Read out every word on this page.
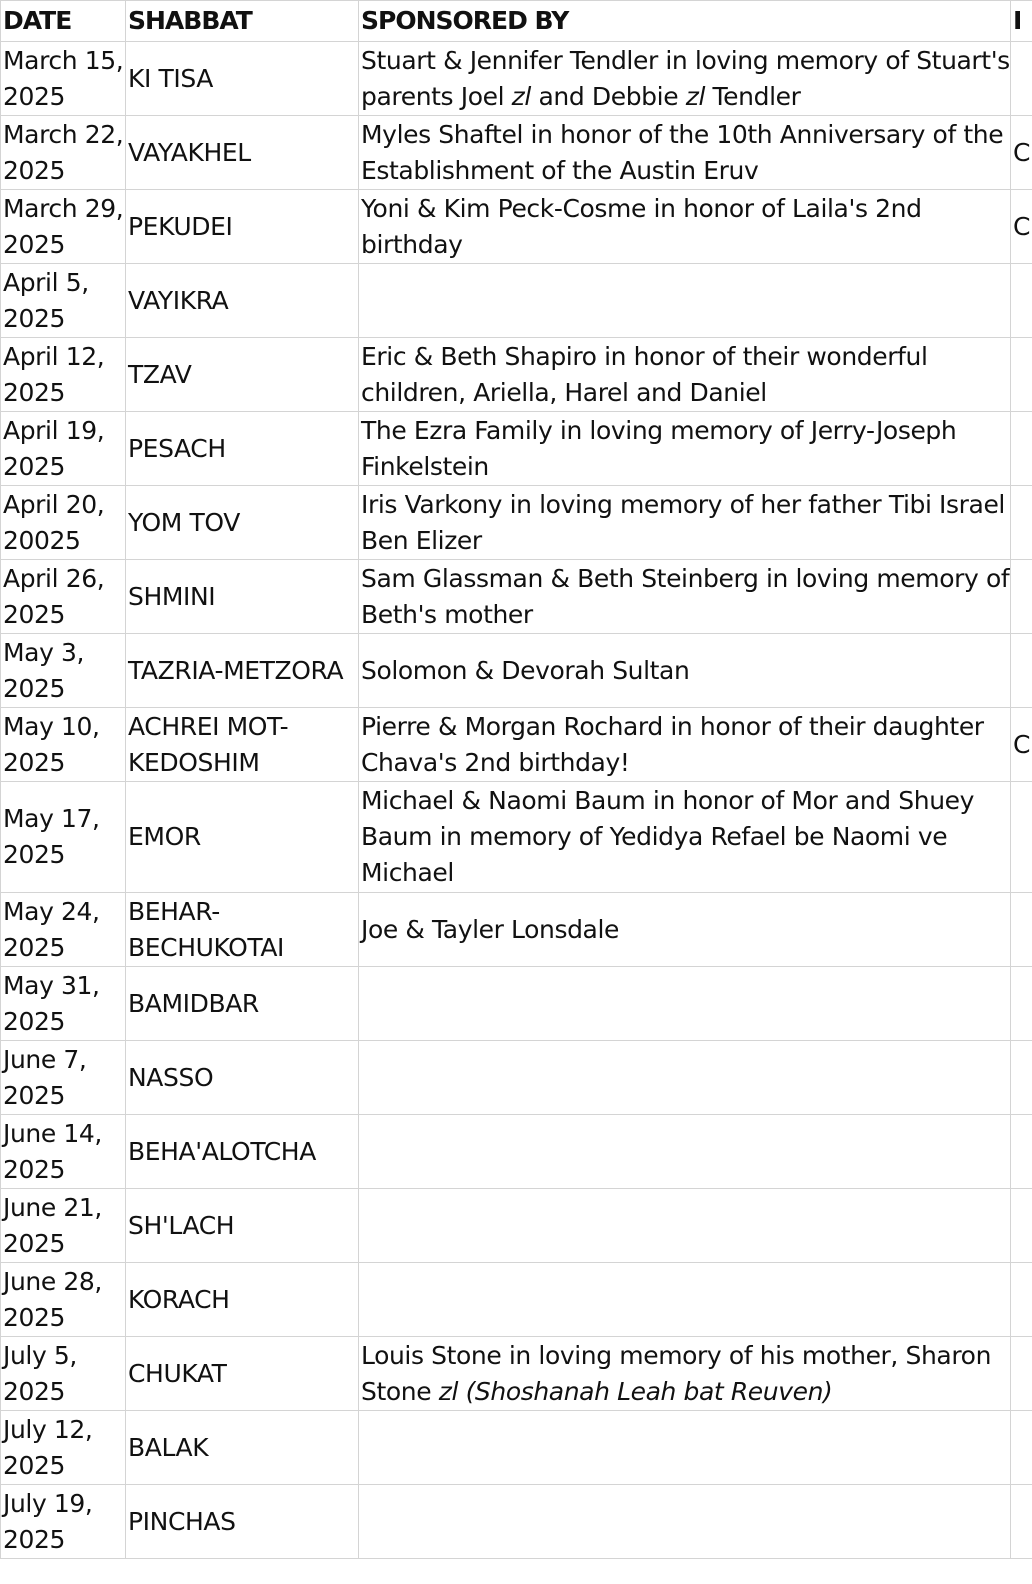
DATE	SHABBAT	SPONSORED BY	I
March 15, 2025	KI TISA	Stuart & Jennifer Tendler in loving memory of Stuart's parents Joel zl and Debbie zl Tendler	
March 22, 2025	VAYAKHEL	Myles Shaftel in honor of the 10th Anniversary of the Establishment of the Austin Eruv	C
March 29, 2025	PEKUDEI	Yoni & Kim Peck-Cosme in honor of Laila's 2nd birthday	C
April 5, 2025	VAYIKRA		
April 12, 2025	TZAV	Eric & Beth Shapiro in honor of their wonderful children, Ariella, Harel and Daniel	
April 19, 2025	PESACH	The Ezra Family in loving memory of Jerry-Joseph Finkelstein	
April 20, 20025	YOM TOV	Iris Varkony in loving memory of her father Tibi Israel Ben Elizer	
April 26, 2025	SHMINI	Sam Glassman & Beth Steinberg in loving memory of Beth's mother	
May 3, 2025	TAZRIA-METZORA	Solomon & Devorah Sultan	
May 10, 2025	ACHREI MOT-KEDOSHIM	Pierre & Morgan Rochard in honor of their daughter Chava's 2nd birthday!	C
May 17, 2025	EMOR	Michael & Naomi Baum in honor of Mor and Shuey Baum in memory of Yedidya Refael be Naomi ve Michael	
May 24, 2025	BEHAR-BECHUKOTAI	Joe & Tayler Lonsdale	
May 31, 2025	BAMIDBAR		
June 7, 2025	NASSO		
June 14, 2025	BEHA'ALOTCHA		
June 21, 2025	SH'LACH		
June 28, 2025	KORACH		
July 5, 2025	CHUKAT	Louis Stone in loving memory of his mother, Sharon Stone zl (Shoshanah Leah bat Reuven)	
July 12, 2025	BALAK		
July 19, 2025	PINCHAS		
